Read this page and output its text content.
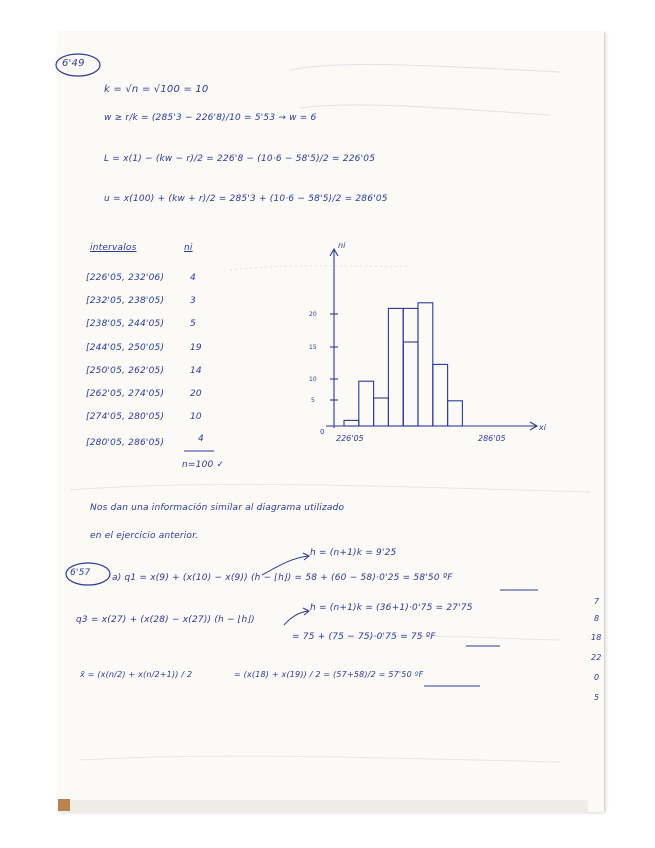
6'49
k = √n = √100 = 10
w ≥ r/k = (285'3 − 226'8)/10 = 5'53 → w = 6
L = x(1) − (kw − r)/2 = 226'8 − (10·6 − 58'5)/2 = 226'05
u = x(100) + (kw + r)/2 = 285'3 + (10·6 − 58'5)/2 = 286'05
intervalos	ni
[226'05, 232'06)	4
[232'05, 238'05)	3
[238'05, 244'05)	5
[244'05, 250'05)	19
[250'05, 262'05)	14
[262'05, 274'05)	20
[274'05, 280'05)	10
[280'05, 286'05)	4
n=100 ✓
ni
xi
5
10
15
20
0
226'05	286'05
Nos dan una información similar al diagrama utilizado
en el ejercicio anterior.
6'57
h = (n+1)k = 9'25
a) q1 = x(9) + (x(10) − x(9)) (h − ⌊h⌋) = 58 + (60 − 58)·0'25 = 58'50 ºF
h = (n+1)k = (36+1)·0'75 = 27'75
q3 = x(27) + (x(28) − x(27)) (h − ⌊h⌋)
= 75 + (75 − 75)·0'75 = 75 ºF
x̄ = (x(n/2) + x(n/2+1)) / 2	= (x(18) + x(19)) / 2 = (57+58)/2 = 57'50 ºF
7
8
18
22
0
5
